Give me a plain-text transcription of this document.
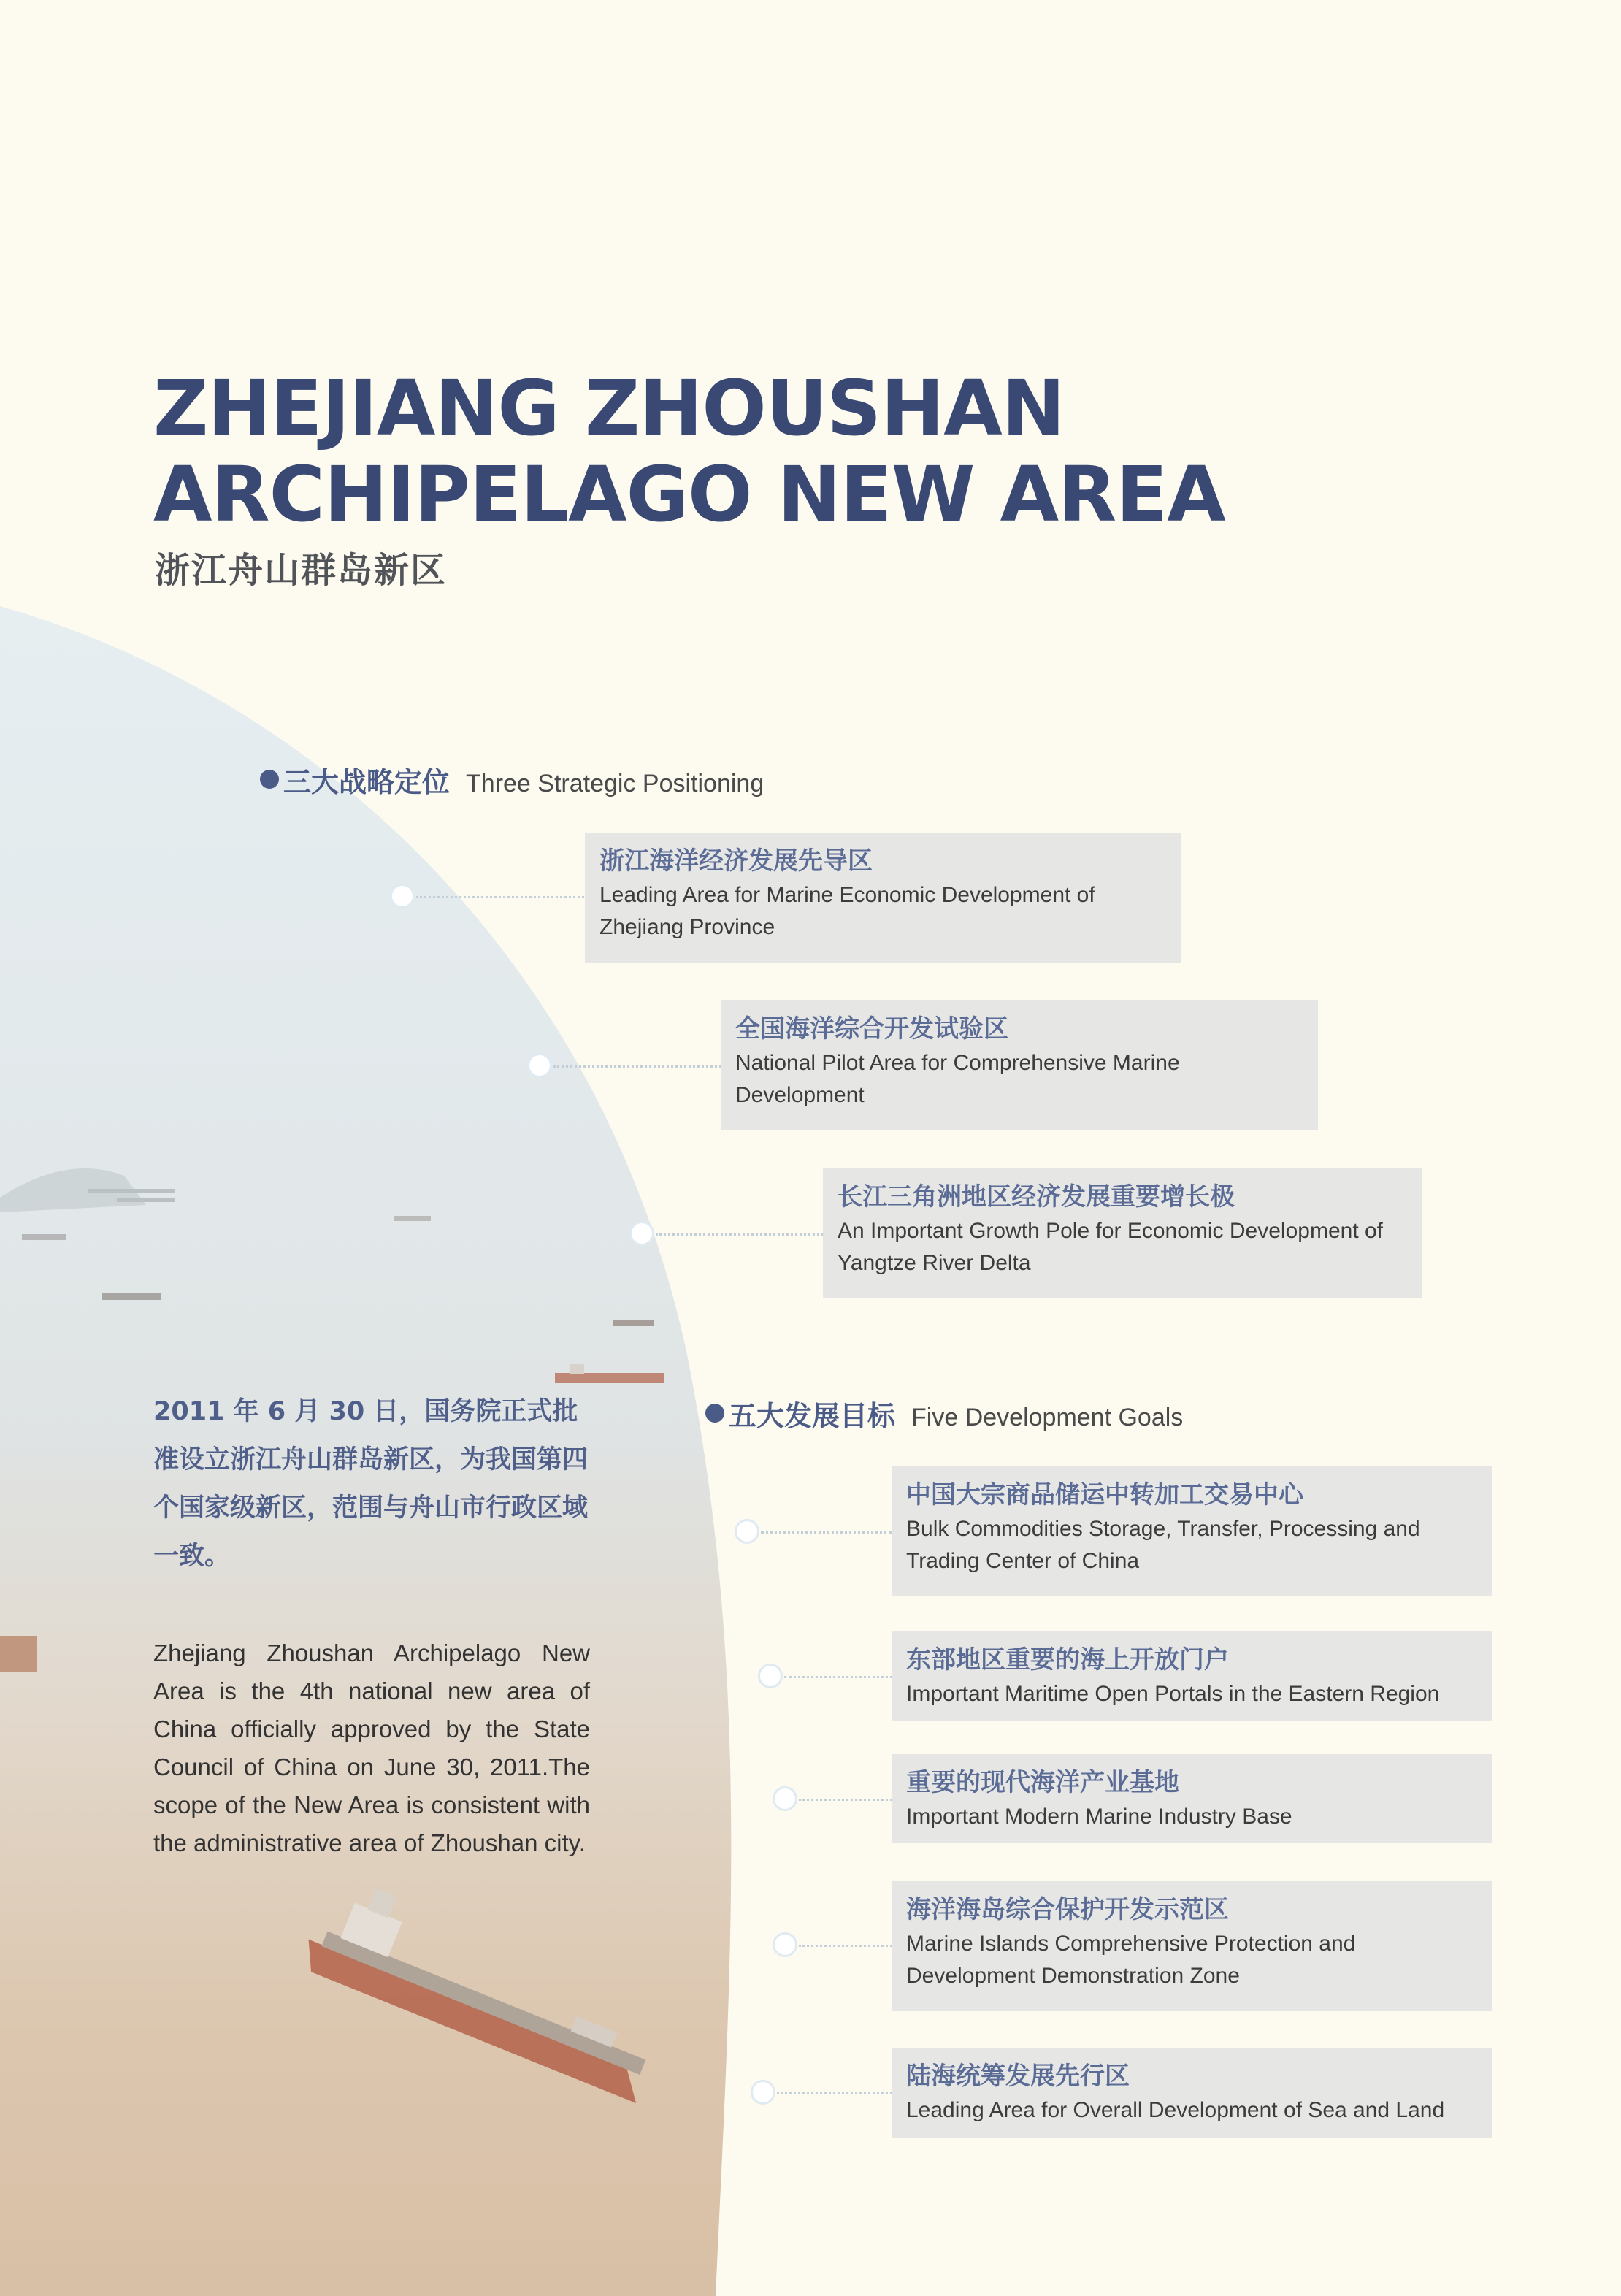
ZHEJIANG ZHOUSHAN
ARCHIPELAGO NEW AREA
浙江舟山群岛新区
三大战略定位 Three Strategic Positioning
浙江海洋经济发展先导区
Leading Area for Marine Economic Development of Zhejiang Province
全国海洋综合开发试验区
National Pilot Area for Comprehensive Marine Development
长江三角洲地区经济发展重要增长极
An Important Growth Pole for Economic Development of Yangtze River Delta
2011 年 6 月 30 日，国务院正式批准设立浙江舟山群岛新区，为我国第四个国家级新区，范围与舟山市行政区域一致。
Zhejiang Zhoushan Archipelago New Area is the 4th national new area of China officially approved by the State Council of China on June 30, 2011.The scope of the New Area is consistent with the administrative area of Zhoushan city.
五大发展目标 Five Development Goals
中国大宗商品储运中转加工交易中心
Bulk Commodities Storage, Transfer, Processing and Trading Center of China
东部地区重要的海上开放门户
Important Maritime Open Portals in the Eastern Region
重要的现代海洋产业基地
Important Modern Marine Industry Base
海洋海岛综合保护开发示范区
Marine Islands Comprehensive Protection and Development Demonstration Zone
陆海统筹发展先行区
Leading Area for Overall Development of Sea and Land
